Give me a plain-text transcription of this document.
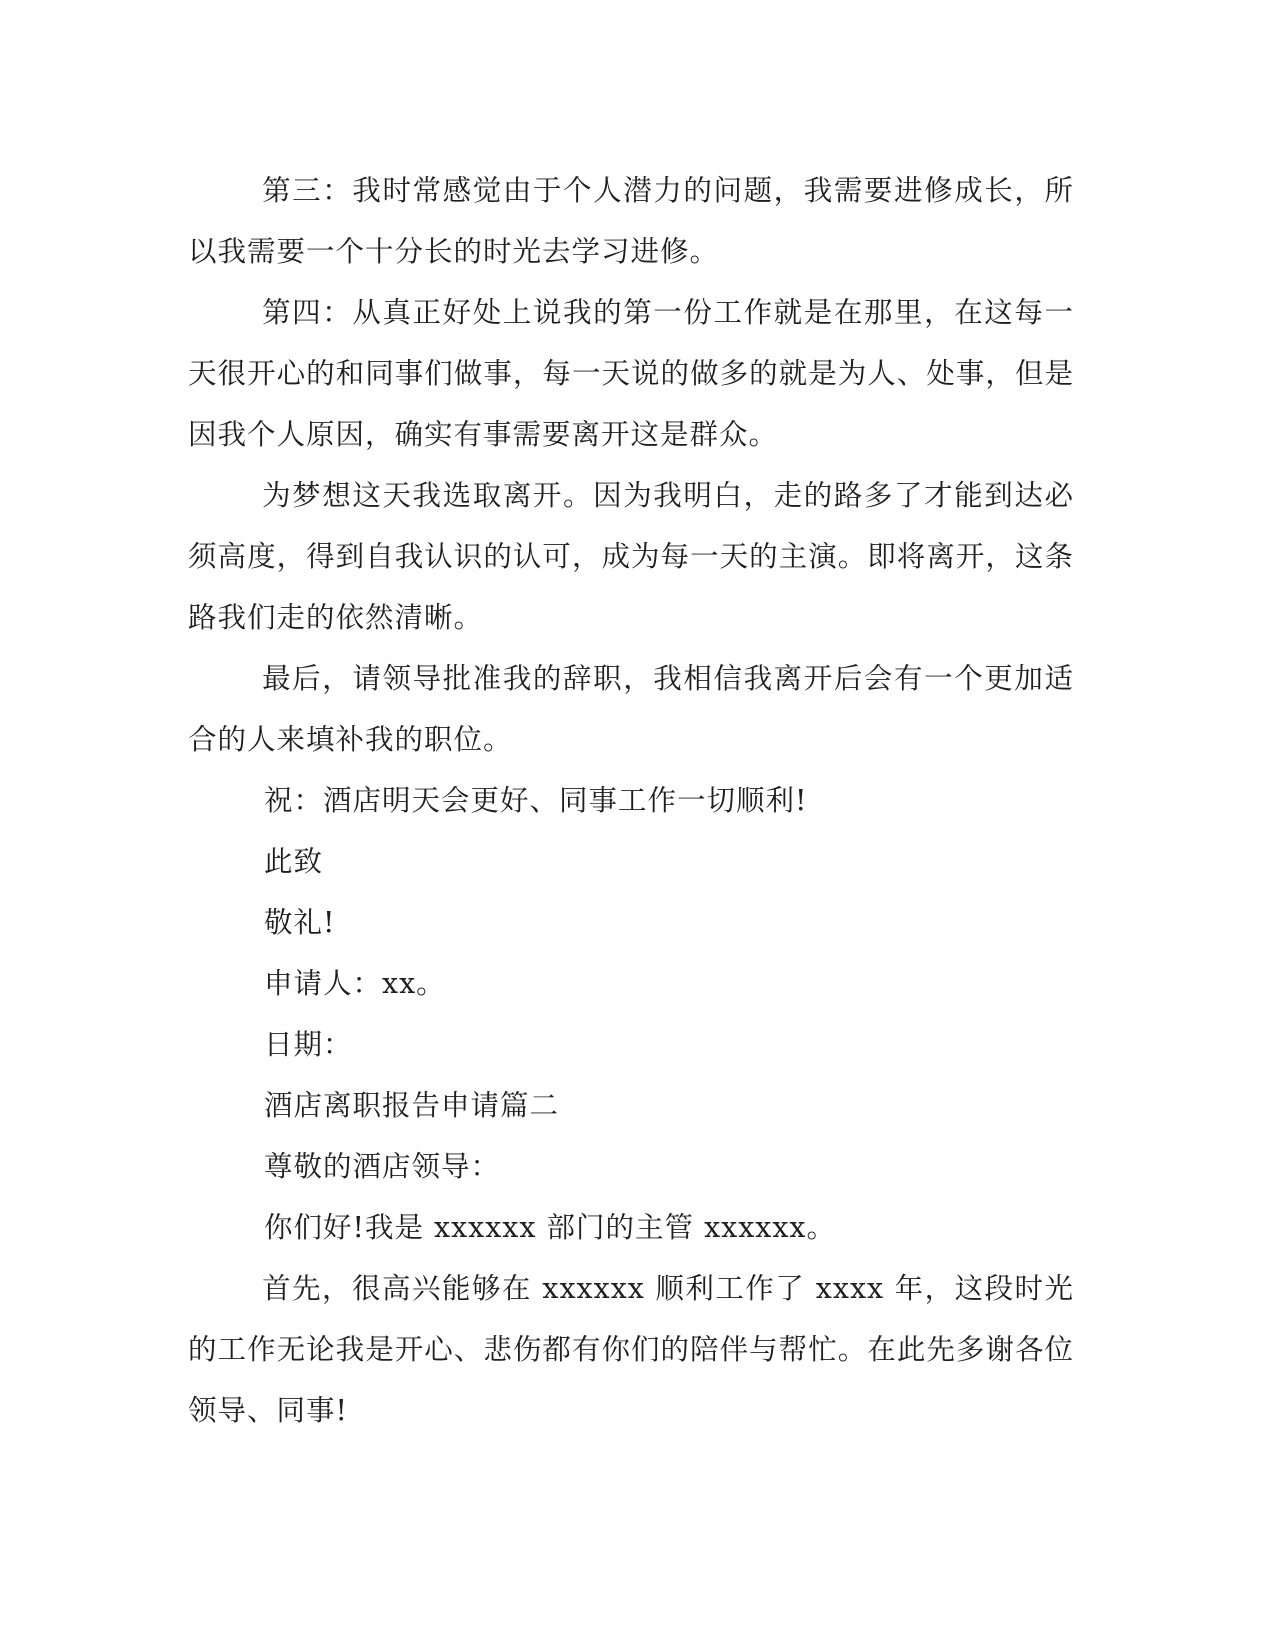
第三：我时常感觉由于个人潜力的问题，我需要进修成长，所以我需要一个十分长的时光去学习进修。

第四：从真正好处上说我的第一份工作就是在那里，在这每一天很开心的和同事们做事，每一天说的做多的就是为人、处事，但是因我个人原因，确实有事需要离开这是群众。

为梦想这天我选取离开。因为我明白，走的路多了才能到达必须高度，得到自我认识的认可，成为每一天的主演。即将离开，这条路我们走的依然清晰。

最后，请领导批准我的辞职，我相信我离开后会有一个更加适合的人来填补我的职位。

祝：酒店明天会更好、同事工作一切顺利!

此致

敬礼!

申请人：xx。

日期：

酒店离职报告申请篇二

尊敬的酒店领导：

你们好!我是 xxxxxx 部门的主管 xxxxxx。

首先，很高兴能够在 xxxxxx 顺利工作了 xxxx 年，这段时光的工作无论我是开心、悲伤都有你们的陪伴与帮忙。在此先多谢各位领导、同事!
